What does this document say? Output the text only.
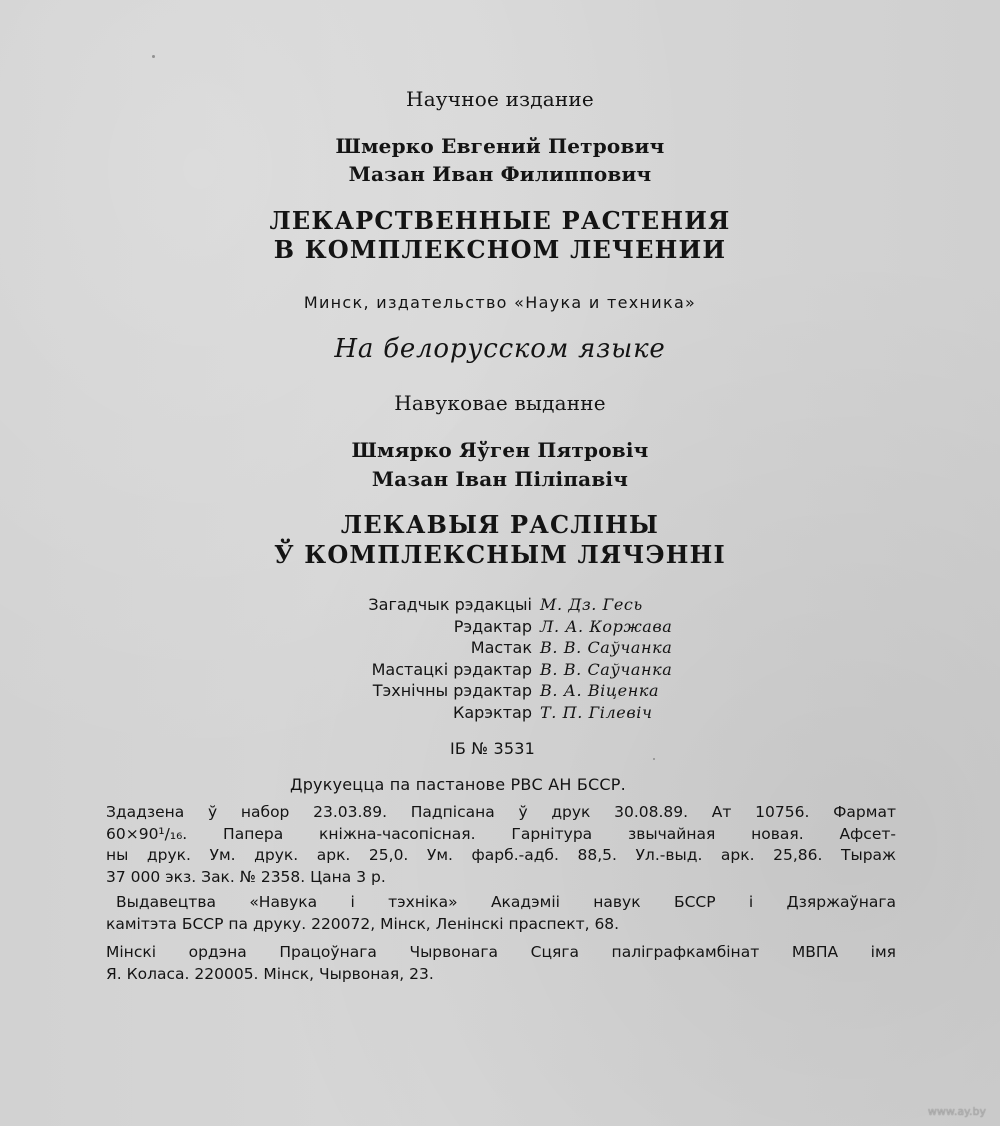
Научное издание

Шмерко Евгений Петрович

Мазан Иван Филиппович

ЛЕКАРСТВЕННЫЕ РАСТЕНИЯ

В КОМПЛЕКСНОМ ЛЕЧЕНИИ

Минск, издательство «Наука и техника»

На белорусском языке

Навуковае выданне

Шмярко Яўген Пятровіч

Мазан Іван Піліпавіч

ЛЕКАВЫЯ РАСЛІНЫ

Ў КОМПЛЕКСНЫМ ЛЯЧЭННІ

Загадчык рэдакцыі М. Дз. Гесь
Рэдактар Л. А. Коржава
Мастак В. В. Саўчанка
Мастацкі рэдактар В. В. Саўчанка
Тэхнічны рэдактар В. А. Віценка
Карэктар Т. П. Гілевіч

ІБ № 3531

Друкуецца па пастанове РВС АН БССР.

Здадзена ў набор 23.03.89. Падпісана ў друк 30.08.89. Ат 10756. Фармат
60×90¹/₁₆. Папера кніжна-часопісная. Гарнітура звычайная новая. Афсет-
ны друк. Ум. друк. арк. 25,0. Ум. фарб.-адб. 88,5. Ул.-выд. арк. 25,86. Тыраж
37 000 экз. Зак. № 2358. Цана 3 р.
Выдавецтва «Навука і тэхніка» Акадэміі навук БССР і Дзяржаўнага
камітэта БССР па друку. 220072, Мінск, Ленінскі праспект, 68.
Мінскі ордэна Працоўнага Чырвонага Сцяга паліграфкамбінат МВПА імя
Я. Коласа. 220005. Мінск, Чырвоная, 23.
www.ay.by
